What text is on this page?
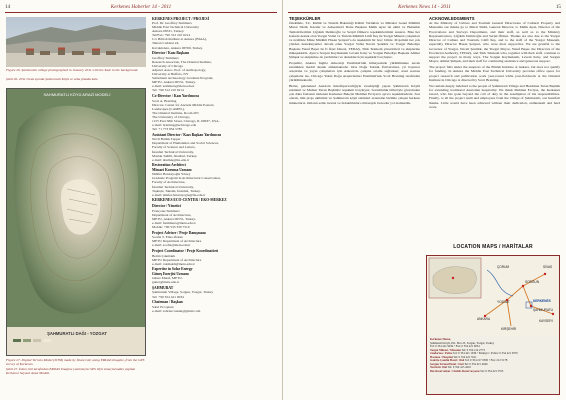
14	Kerkenes Haberler 14 - 2011
Figure 26. Şahmuratlı village photographed in January 2011 with the Kale in the background.
Şekil 26. 2011 Ocak ayında Şahmuratlı Köyü ve arka planda kale.
SAHMURATLI KÖYÜ ARAZİ MODELİ
ŞAHMURATLI DAĞI - YOZGAT
Figure 27. Digital Terrain Model (DTM) made by İslam Gül, using ERDAS Imagine, from the GPS survey of Kerkenes.
Şekil 27. İslam Gül tarafından ERDAS Imagine yazılımıyla GPS ölçü sonuçlarından yapılan Kerkenes Sayısal Arazi Modeli.
KERKENES PROJECT / PROJESİ
Prof. Dr. Geoffrey Summers
Middle East Technical University
Ankara 06531, Turkey.
Tel/Fax: +90 312 210 6214
C/o British Institute at Ankara (BIAA),
Tahran Caddesi 24,
Kavaklıdere, Ankara 06700, Turkey.
Director / Kazı Başkanı
Geoffrey Summers
Research Associate, The Oriental Institute,
University of Chicago
Adjunct Assoc. Prof. of Anthropology,
University at Buffalo, NY
Settlement Archaeology Graduate Program,
METU, Ankara 06531, Turkey.
e-mail: summers@metu.edu.tr
Tel: +90 312 210 6214
Co-Director / Kazı Yardımcısı
Scott A. Branting
Director, Center for Ancient Middle Eastern
Landscapes (CAMEL),
The Oriental Institute, Room 207,
The University of Chicago,
1155 East 58th Street, Chicago, IL 60637, USA.
e-mail: branting@uchicago.edu
Tel: +1 773 834 5785
Assistant Director / Kazı Başkan Yardımcısı
Nevil Bullek Tepper
Department of Humanities and Social Sciences,
Faculty of Science and Letters,
İstanbul Technical University,
Maslak 34469, İstanbul, Turkey.
e-mail: nbullek@itu.edu.tr
Restoration Architect
Mimari Koruma Uzmanı
Nilüfer Baturayoğlu Yöney
Graduate Program in Architectural Conservation,
Faculty of Architecture,
İstanbul Technical University,
Taşkışla, Taksim, İstanbul, Turkey.
e-mail: nilufer.baturayoglu@itu.edu.tr
KERKENES ECO-CENTER / EKO-MERKEZ
Director / Yönetici
Françoise Summers
Department of Architecture,
METU, Ankara 06531, Turkey.
e-mail: fsummers@metu.edu.tr
Mobile: +90 533 330 7519
Project Adviser / Proje Danışmanı
Soofia T. Elias-Özkan
METU Department of Architecture
e-mail: soofia@metu.edu.tr
Project Coordinator / Proje Koordinatörü
Bertin Çakmaklı
METU Department of Architecture
e-mail: cakmakli@metu.edu.tr
Expertise in Solar Energy
Güneş Enerjisi Uzmanı
Güner Mutaf, METU.
guner@metu.edu.tr
ŞAHMURAT
Şahmuratlı Village, Sorgun, Yozgat, Turkey
Tel: +90 354 421 9034
Chairman / Başkan
Sabri Ercoşkun
e-mail: sabriercoskun@gmail.com
Kerkenes News 14 - 2011	15
TEŞEKKÜRLER

Özeklikle, T.C. Kültür ve Turizm Bakanlığı Kültür Varlıkları ve Müzeler Genel Müdürü Murat Süslü, Kazılar ve Arkeometri Daire Başkanı Melik Ayaz ile ekibi ve Bakanlık Temsilcilerimiz Çiğdem Demiroğlu ve Serpil Ölmez'e teşekkürlerimizi sunarız. Bize her konuda destek olan Yozgat Valisi ve Turizm Müdürü Lütfi İleş ile Yozgat Müzesi çalışanları ve özellikle Müze Müdürü Hasan Şenyurt'a da teşekkürü bir borç biliriz. Projemizi her çok yönden destekleyenler devam eden Yozgat Valisi Necati Şentürk ve Yozgat Belediye Başkanı Yusuf Başer ile İl Özel İdaresi, TEDAŞ, Türk Telekom yöneticileri ve ekiplerine müteşekkiriz. Ayrıca Sorgun Kaymakamı Levent Kılıç ve Sorgun Belediye Başkanı Ahmet Şimşek ve ekiplerine de yardımları ve destekleri için teşekkür borçluyuz.

Projemiz, Ankara İngiliz Arkeoloji Enstitüsü'nün himayesinde yürütülmekte ancak enstitüden maddi destek almamaktadır. Orta Doğu Teknik Üniversitesi, yıl boyunca araştırma ve yayın çalışmaları için Ankara'da çalışma ortamı sağlarken; arazi sonrası çalışmalar ise, Chicago Yakın Doğu Araştırmaları Enstitüsü'nde Scott Branting tarafından yürütülmektedir.

Bizler, geleneksel Anadolu misafirperverliğiyle evsahipliği yapan Şahmuratlı Köylü sakinleri ve Muhtar Turan Başbük'e teşekkür borçluyuz. Sorumluluk bilinciyle görevinden çok daha fazlasını üstlenen Kerkenes Bekçisi Mehmet Erciyas'a ayrıca teşekkürederiz. Son olarak, tüm proje ekibimiz ve Şahmuratlı köyü sakinleri arasından bizimle çalışan herkese minnettarız. Onların azmi, hevesi ve fedakârlıkları olmasaydı bu kadar yol alamazdık.

ACKNOWLEDGMENTS

At the Ministry of Culture and Tourism General Directorate of Cultural Property and Museums our thanks go to Murat Süslü, General Director, to Melik Ayaz, Director of the Excavations and Surveys Department, and their staff, as well as to the Ministry Representatives, Çiğdem Demiroğlu and Serpil Ölmez. Thanks are also due to the Yozgat Director of Culture and Tourism, Lütfi İleş, and to the staff of the Yozgat Museum, especially Director Hasan Şenyurt, who were most supportive. We are grateful to the Governor of Yozgat, Necati Şentürk, the Yozgat Mayor, Yusuf Başer, the Directors of the Provincial Authority, TEDAŞ, and Türk Telekom who, together with their staff, continue to support the project in many ways. The Sorgun Kaymakamı, Levent Kılıç, and Sorgun Mayor, Ahmet Şimşek, and their staff for continuing assistance and generous support.

The project falls under the auspices of the British Institute at Ankara, but does not qualify for funding. In Ankara the Middle East Technical University provides office space for project research and publication work year-round while post-fieldwork at the Oriental Institute in Chicago is directed by Scott Branting.

We remain deeply indebted to the people of Şahmuratlı Village and Headman Turan Başbük for extending traditional Anatolian hospitality. We thank Mehmet Erciyas, the Kerkenes Guard, who has gone beyond the call of duty in the assumption of his responsibilities. Finally, to all the project team and employees from the village of Şahmuratlı, our heartfelt thanks. Little would have been achieved without their dedication, enthusiasm and hard work.

LOCATION MAPS / HARİTALAR
ANKARA
YOZGAT
SORGUN
KERKENES
ŞAHMURATLI
KAYSERİ
KIRŞEHİR
ÇORUM	SİVAS
Kerkenes House,
Şahmuratlı Köyü, P.K. Box 23, Sorgun, Yozgat, Turkey
Tel: 0 354 421 9034 • Fax: 0 354 421 9034
Yozgat Müzesi / Museum Tel: 0 354 212 2773
Jandarma / Police Tel: 0 354 421 1036 • Emniyet / Police: 0 354 421 3070
Hastane / Hospital Tel: 0 354 421 5511
Galeria Çamlık Hotel / Otel Tel: 0 354 217 0300 • Fax: 212 5178
Sorgun Termal Hotel / Otel Tel: 0 354 415 4040
Touristic Otel Tel: 0 354 415 4210
Bus Reservation / Otobüs Rezervasyonu Tel: 0 354 421 5555
